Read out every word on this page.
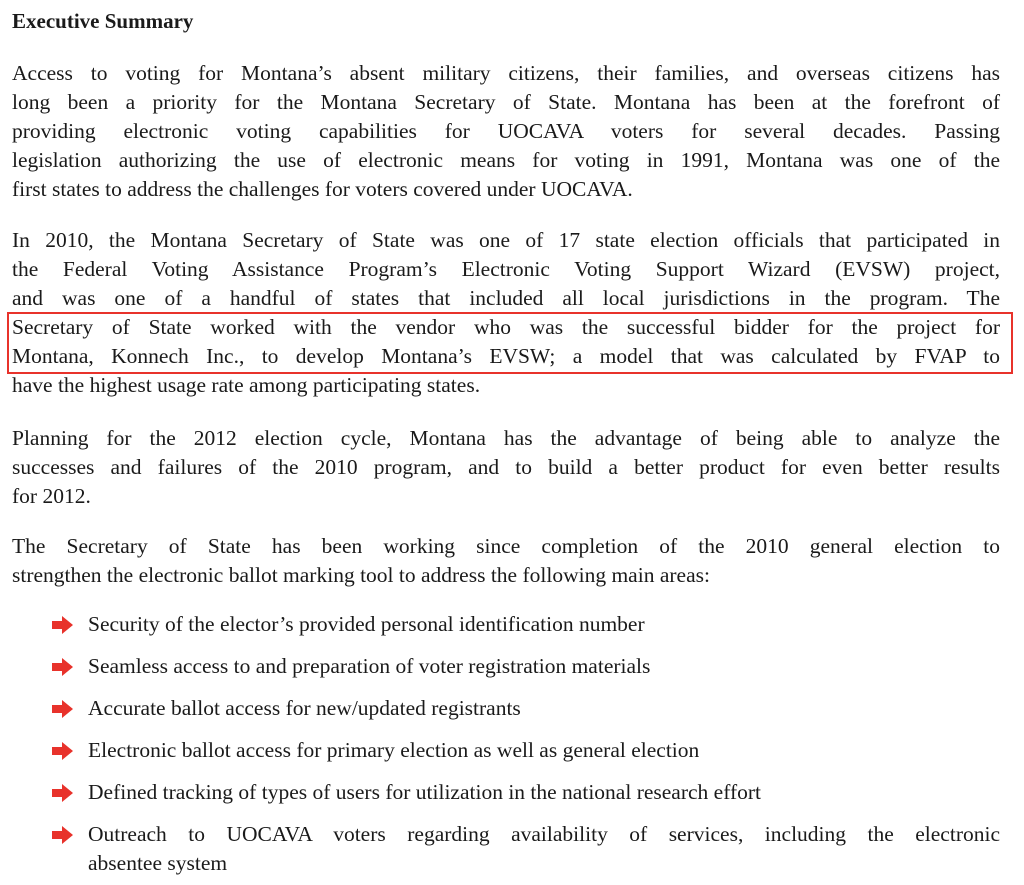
Executive Summary
Access to voting for Montana’s absent military citizens, their families, and overseas citizens has
long been a priority for the Montana Secretary of State. Montana has been at the forefront of
providing electronic voting capabilities for UOCAVA voters for several decades. Passing
legislation authorizing the use of electronic means for voting in 1991, Montana was one of the
first states to address the challenges for voters covered under UOCAVA.
In 2010, the Montana Secretary of State was one of 17 state election officials that participated in
the Federal Voting Assistance Program’s Electronic Voting Support Wizard (EVSW) project,
and was one of a handful of states that included all local jurisdictions in the program. The
Secretary of State worked with the vendor who was the successful bidder for the project for
Montana, Konnech Inc., to develop Montana’s EVSW; a model that was calculated by FVAP to
have the highest usage rate among participating states.
Planning for the 2012 election cycle, Montana has the advantage of being able to analyze the
successes and failures of the 2010 program, and to build a better product for even better results
for 2012.
The Secretary of State has been working since completion of the 2010 general election to
strengthen the electronic ballot marking tool to address the following main areas:
Security of the elector’s provided personal identification number
Seamless access to and preparation of voter registration materials
Accurate ballot access for new/updated registrants
Electronic ballot access for primary election as well as general election
Defined tracking of types of users for utilization in the national research effort
Outreach to UOCAVA voters regarding availability of services, including the electronic
absentee system
